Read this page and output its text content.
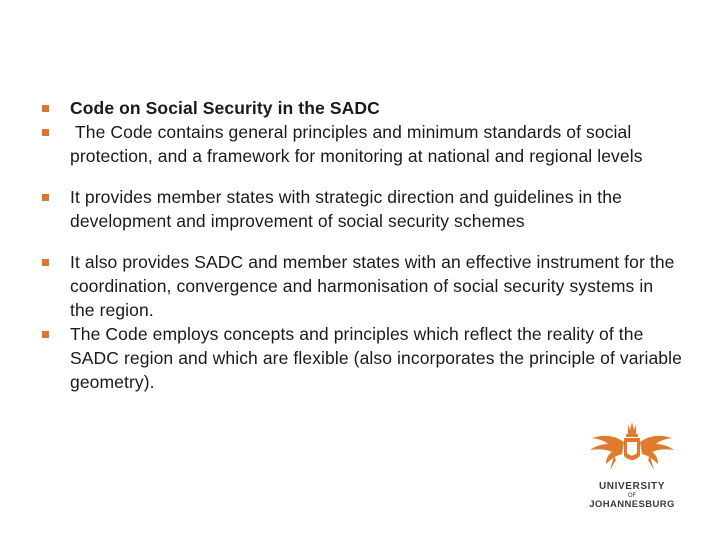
Code on Social Security in the SADC
The Code contains general principles and minimum standards of social protection, and a framework for monitoring at national and regional levels
It provides member states with strategic direction and guidelines in the development and improvement of social security schemes
It also provides SADC and member states with an effective instrument for the coordination, convergence and harmonisation of social security systems in the region.
The Code employs concepts and principles which reflect the reality of the SADC region and which are flexible (also incorporates the principle of variable geometry).
UNIVERSITY
OF
JOHANNESBURG
